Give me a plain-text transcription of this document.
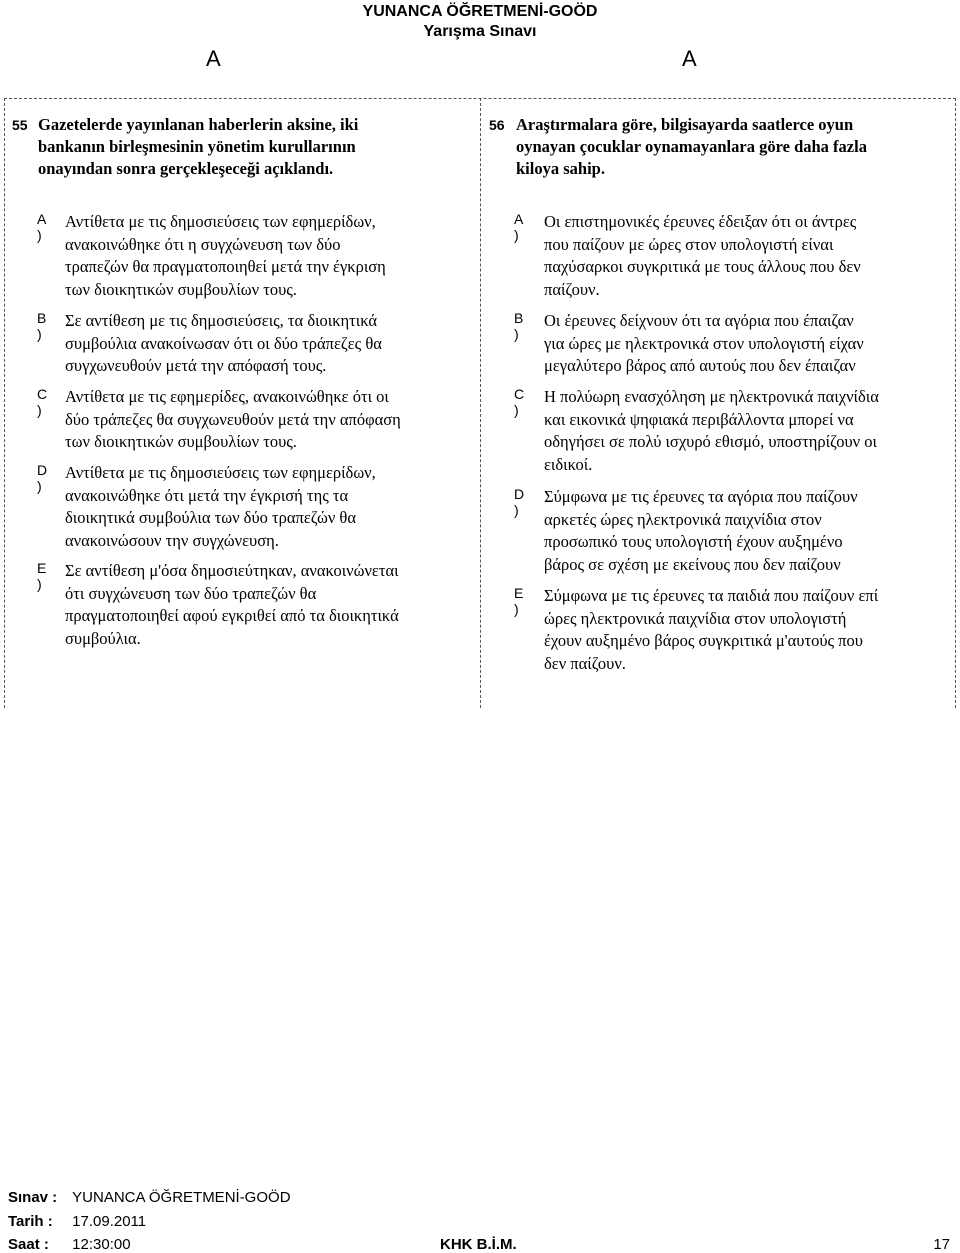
YUNANCA ÖĞRETMENİ-GOÖD
Yarışma Sınavı
A	A
55 Gazetelerde yayınlanan haberlerin aksine, iki
bankanın birleşmesinin yönetim kurullarının
onayından sonra gerçekleşeceği açıklandı.
A )
Αντίθετα με τις δημοσιεύσεις των εφημερίδων,
ανακοινώθηκε ότι η συγχώνευση των δύο
τραπεζών θα πραγματοποιηθεί μετά την έγκριση
των διοικητικών συμβουλίων τους.
B )
Σε αντίθεση με τις δημοσιεύσεις, τα διοικητικά
συμβούλια ανακοίνωσαν ότι οι δύο τράπεζες θα
συγχωνευθούν μετά την απόφασή τους.
C )
Αντίθετα με τις εφημερίδες, ανακοινώθηκε ότι οι
δύο τράπεζες θα συγχωνευθούν μετά την απόφαση
των διοικητικών συμβουλίων τους.
D )
Αντίθετα με τις δημοσιεύσεις των εφημερίδων,
ανακοινώθηκε ότι μετά την έγκρισή της τα
διοικητικά συμβούλια των δύο τραπεζών θα
ανακοινώσουν την συγχώνευση.
E )
Σε αντίθεση μ'όσα δημοσιεύτηκαν, ανακοινώνεται
ότι συγχώνευση των δύο τραπεζών θα
πραγματοποιηθεί αφού εγκριθεί από τα διοικητικά
συμβούλια.
56 Araştırmalara göre, bilgisayarda saatlerce oyun
oynayan çocuklar oynamayanlara göre daha fazla
kiloya sahip.
A )
Οι επιστημονικές έρευνες έδειξαν ότι οι άντρες
που παίζουν με ώρες στον υπολογιστή είναι
παχύσαρκοι συγκριτικά με τους άλλους που δεν
παίζουν.
B )
Οι έρευνες δείχνουν ότι τα αγόρια που έπαιζαν
για ώρες με ηλεκτρονικά στον υπολογιστή είχαν
μεγαλύτερο βάρος από αυτούς που δεν έπαιζαν
C )
Η πολύωρη ενασχόληση με ηλεκτρονικά παιχνίδια
και εικονικά ψηφιακά περιβάλλοντα μπορεί να
οδηγήσει σε πολύ ισχυρό εθισμό, υποστηρίζουν οι
ειδικοί.
D )
Σύμφωνα με τις έρευνες τα αγόρια που παίζουν
αρκετές ώρες ηλεκτρονικά παιχνίδια στον
προσωπικό τους υπολογιστή έχουν αυξημένο
βάρος σε σχέση με εκείνους που δεν παίζουν
E )
Σύμφωνα με τις έρευνες τα παιδιά που παίζουν επί
ώρες ηλεκτρονικά παιχνίδια στον υπολογιστή
έχουν αυξημένο βάρος συγκριτικά μ'αυτούς που
δεν παίζουν.
Sınav : YUNANCA ÖĞRETMENİ-GOÖD
Tarih : 17.09.2011
Saat : 12:30:00	KHK B.İ.M.	17
